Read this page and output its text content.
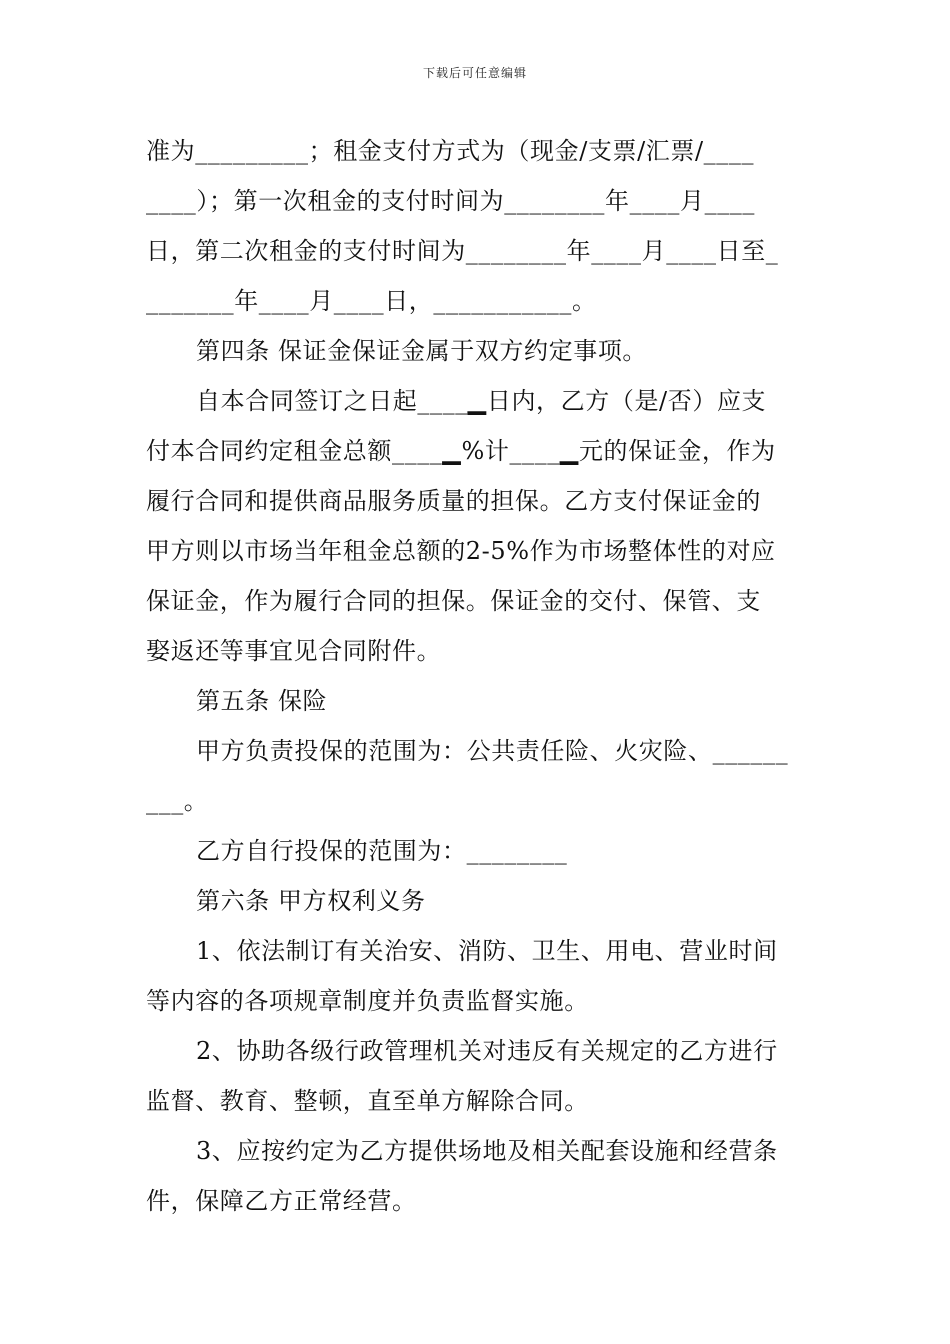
下载后可任意编辑
准为_________；租金支付方式为（现金/支票/汇票/____
____）；第一次租金的支付时间为________年____月____
日，第二次租金的支付时间为________年____月____日至_
_______年____月____日，___________。
第四条 保证金保证金属于双方约定事项。
自本合同签订之日起____▁日内，乙方（是/否）应支
付本合同约定租金总额____▁%计____▁元的保证金，作为
履行合同和提供商品服务质量的担保。乙方支付保证金的
甲方则以市场当年租金总额的2-5%作为市场整体性的对应
保证金，作为履行合同的担保。保证金的交付、保管、支
娶返还等事宜见合同附件。
第五条 保险
甲方负责投保的范围为：公共责任险、火灾险、______
___。
乙方自行投保的范围为：________
第六条 甲方权利义务
1、依法制订有关治安、消防、卫生、用电、营业时间
等内容的各项规章制度并负责监督实施。
2、协助各级行政管理机关对违反有关规定的乙方进行
监督、教育、整顿，直至单方解除合同。
3、应按约定为乙方提供场地及相关配套设施和经营条
件，保障乙方正常经营。
